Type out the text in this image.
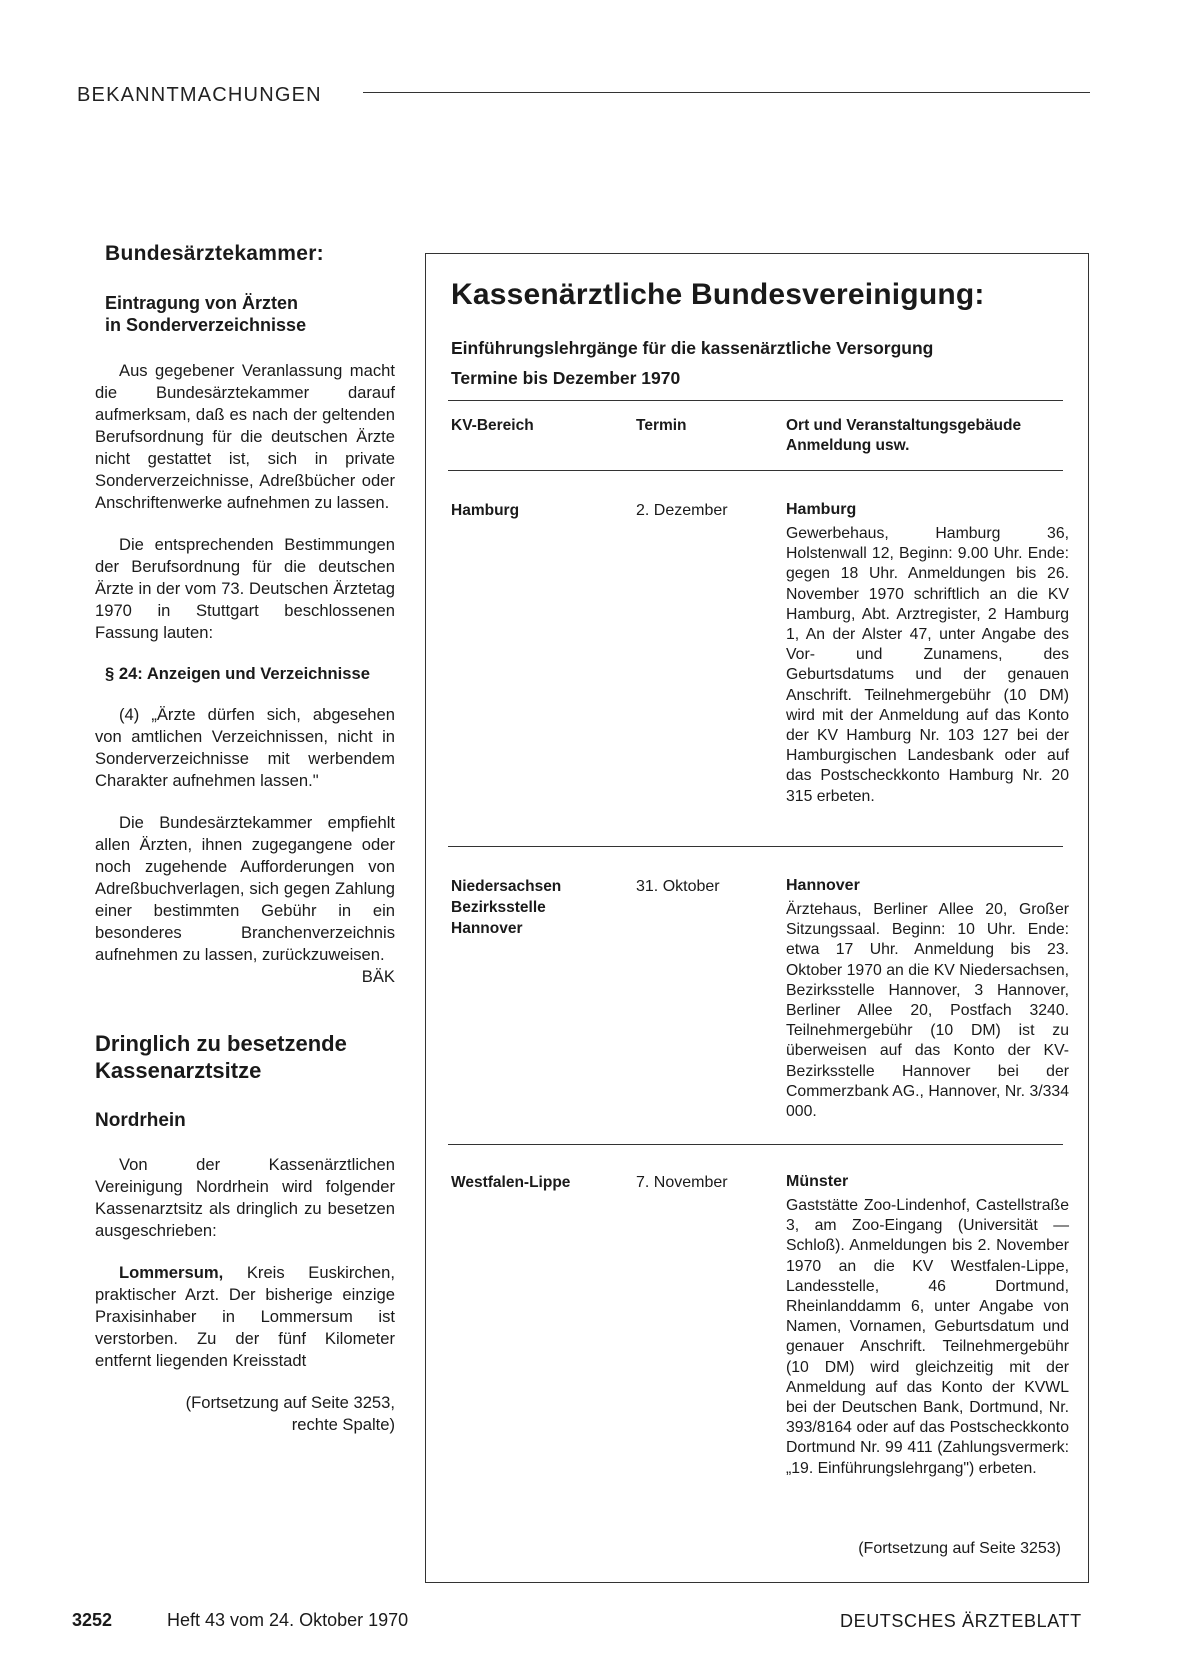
BEKANNTMACHUNGEN
Bundesärztekammer:
Eintragung von Ärzten
in Sonderverzeichnisse

Aus gegebener Veranlassung macht die Bundesärztekammer darauf aufmerksam, daß es nach der geltenden Berufsordnung für die deutschen Ärzte nicht gestattet ist, sich in private Sonderverzeichnisse, Adreßbücher oder Anschriftenwerke aufnehmen zu lassen.

Die entsprechenden Bestimmungen der Berufsordnung für die deutschen Ärzte in der vom 73. Deutschen Ärztetag 1970 in Stuttgart beschlossenen Fassung lauten:

§ 24: Anzeigen und Verzeichnisse

(4) „Ärzte dürfen sich, abgesehen von amtlichen Verzeichnissen, nicht in Sonderverzeichnisse mit werbendem Charakter aufnehmen lassen."

Die Bundesärztekammer empfiehlt allen Ärzten, ihnen zugegangene oder noch zugehende Aufforderungen von Adreßbuchverlagen, sich gegen Zahlung einer bestimmten Gebühr in ein besonderes Branchenverzeichnis aufnehmen zu lassen, zurückzuweisen.
BÄK

Dringlich zu besetzende
Kassenarztsitze
Nordrhein

Von der Kassenärztlichen Vereinigung Nordrhein wird folgender Kassenarztsitz als dringlich zu besetzen ausgeschrieben:

Lommersum, Kreis Euskirchen, praktischer Arzt. Der bisherige einzige Praxisinhaber in Lommersum ist verstorben. Zu der fünf Kilometer entfernt liegenden Kreisstadt

(Fortsetzung auf Seite 3253, rechte Spalte)

Kassenärztliche Bundesvereinigung:
Einführungslehrgänge für die kassenärztliche Versorgung
Termine bis Dezember 1970
KV-Bereich	Termin	Ort und Veranstaltungsgebäude
Anmeldung usw.
Hamburg	2. Dezember	Hamburg
Gewerbehaus, Hamburg 36, Holstenwall 12, Beginn: 9.00 Uhr. Ende: gegen 18 Uhr. Anmeldungen bis 26. November 1970 schriftlich an die KV Hamburg, Abt. Arztregister, 2 Hamburg 1, An der Alster 47, unter Angabe des Vor- und Zunamens, des Geburtsdatums und der genauen Anschrift. Teilnehmergebühr (10 DM) wird mit der Anmeldung auf das Konto der KV Hamburg Nr. 103 127 bei der Hamburgischen Landesbank oder auf das Postscheckkonto Hamburg Nr. 20 315 erbeten.
Niedersachsen
Bezirksstelle
Hannover
31. Oktober	Hannover
Ärztehaus, Berliner Allee 20, Großer Sitzungssaal. Beginn: 10 Uhr. Ende: etwa 17 Uhr. Anmeldung bis 23. Oktober 1970 an die KV Niedersachsen, Bezirksstelle Hannover, 3 Hannover, Berliner Allee 20, Postfach 3240. Teilnehmergebühr (10 DM) ist zu überweisen auf das Konto der KV-Bezirksstelle Hannover bei der Commerzbank AG., Hannover, Nr. 3/334 000.
Westfalen-Lippe	7. November	Münster
Gaststätte Zoo-Lindenhof, Castellstraße 3, am Zoo-Eingang (Universität — Schloß). Anmeldungen bis 2. November 1970 an die KV Westfalen-Lippe, Landesstelle, 46 Dortmund, Rheinlanddamm 6, unter Angabe von Namen, Vornamen, Geburtsdatum und genauer Anschrift. Teilnehmergebühr (10 DM) wird gleichzeitig mit der Anmeldung auf das Konto der KVWL bei der Deutschen Bank, Dortmund, Nr. 393/8164 oder auf das Postscheckkonto Dortmund Nr. 99 411 (Zahlungsvermerk: „19. Einführungslehrgang") erbeten.
(Fortsetzung auf Seite 3253)
3252	Heft 43 vom 24. Oktober 1970	DEUTSCHES ÄRZTEBLATT
